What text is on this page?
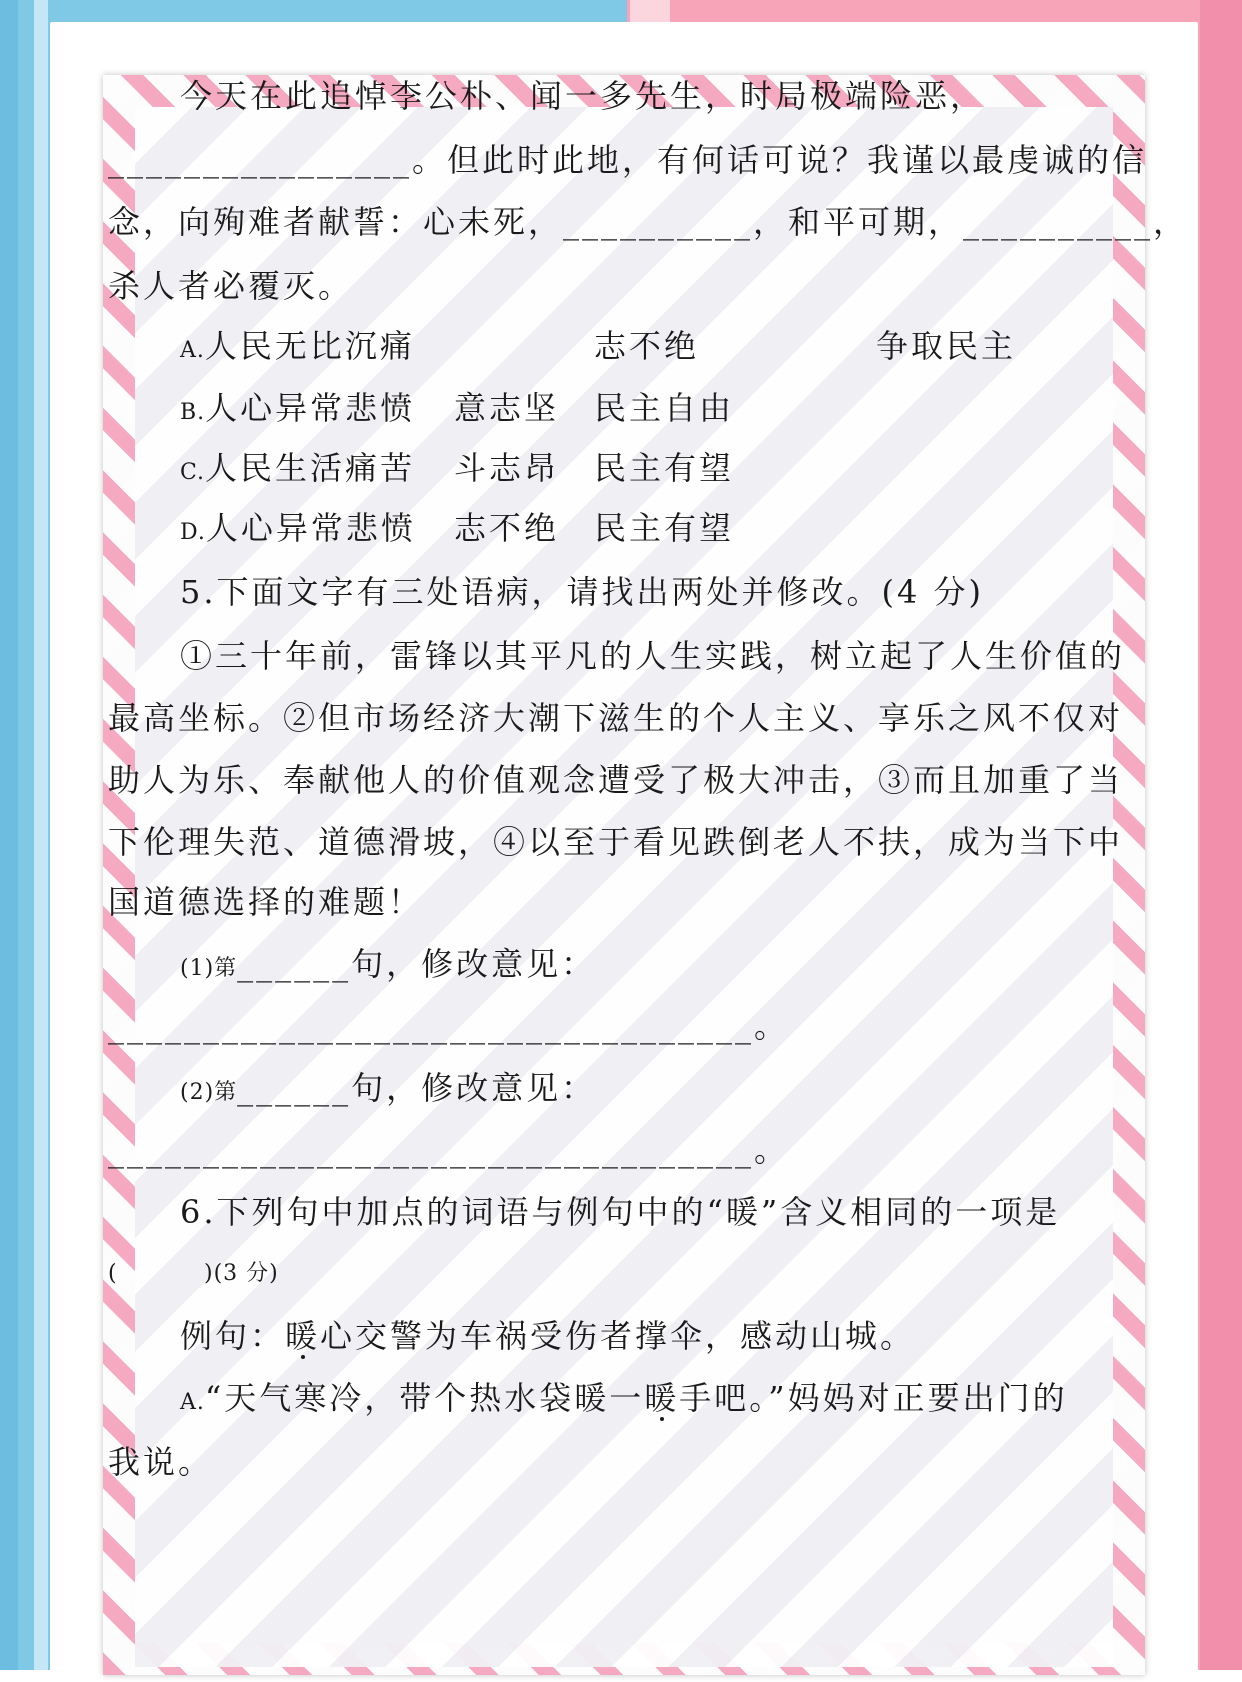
今天在此追悼李公朴、闻一多先生，时局极端险恶，
________________。但此时此地，有何话可说？我谨以最虔诚的信
念，向殉难者献誓：心未死，__________，和平可期，__________，
杀人者必覆灭。
A.人民无比沉痛	志不绝	争取民主
B.人心异常悲愤 意志坚 民主自由
C.人民生活痛苦 斗志昂 民主有望
D.人心异常悲愤 志不绝 民主有望
5.下面文字有三处语病，请找出两处并修改。(4 分)
①三十年前，雷锋以其平凡的人生实践，树立起了人生价值的
最高坐标。②但市场经济大潮下滋生的个人主义、享乐之风不仅对
助人为乐、奉献他人的价值观念遭受了极大冲击，③而且加重了当
下伦理失范、道德滑坡，④以至于看见跌倒老人不扶，成为当下中
国道德选择的难题！
(1)第______句，修改意见：
__________________________________。
(2)第______句，修改意见：
__________________________________。
6.下列句中加点的词语与例句中的“暖”含义相同的一项是
(	)(3 分)
例句：暖心交警为车祸受伤者撑伞，感动山城。
A.“天气寒冷，带个热水袋暖一暖手吧。”妈妈对正要出门的
我说。
